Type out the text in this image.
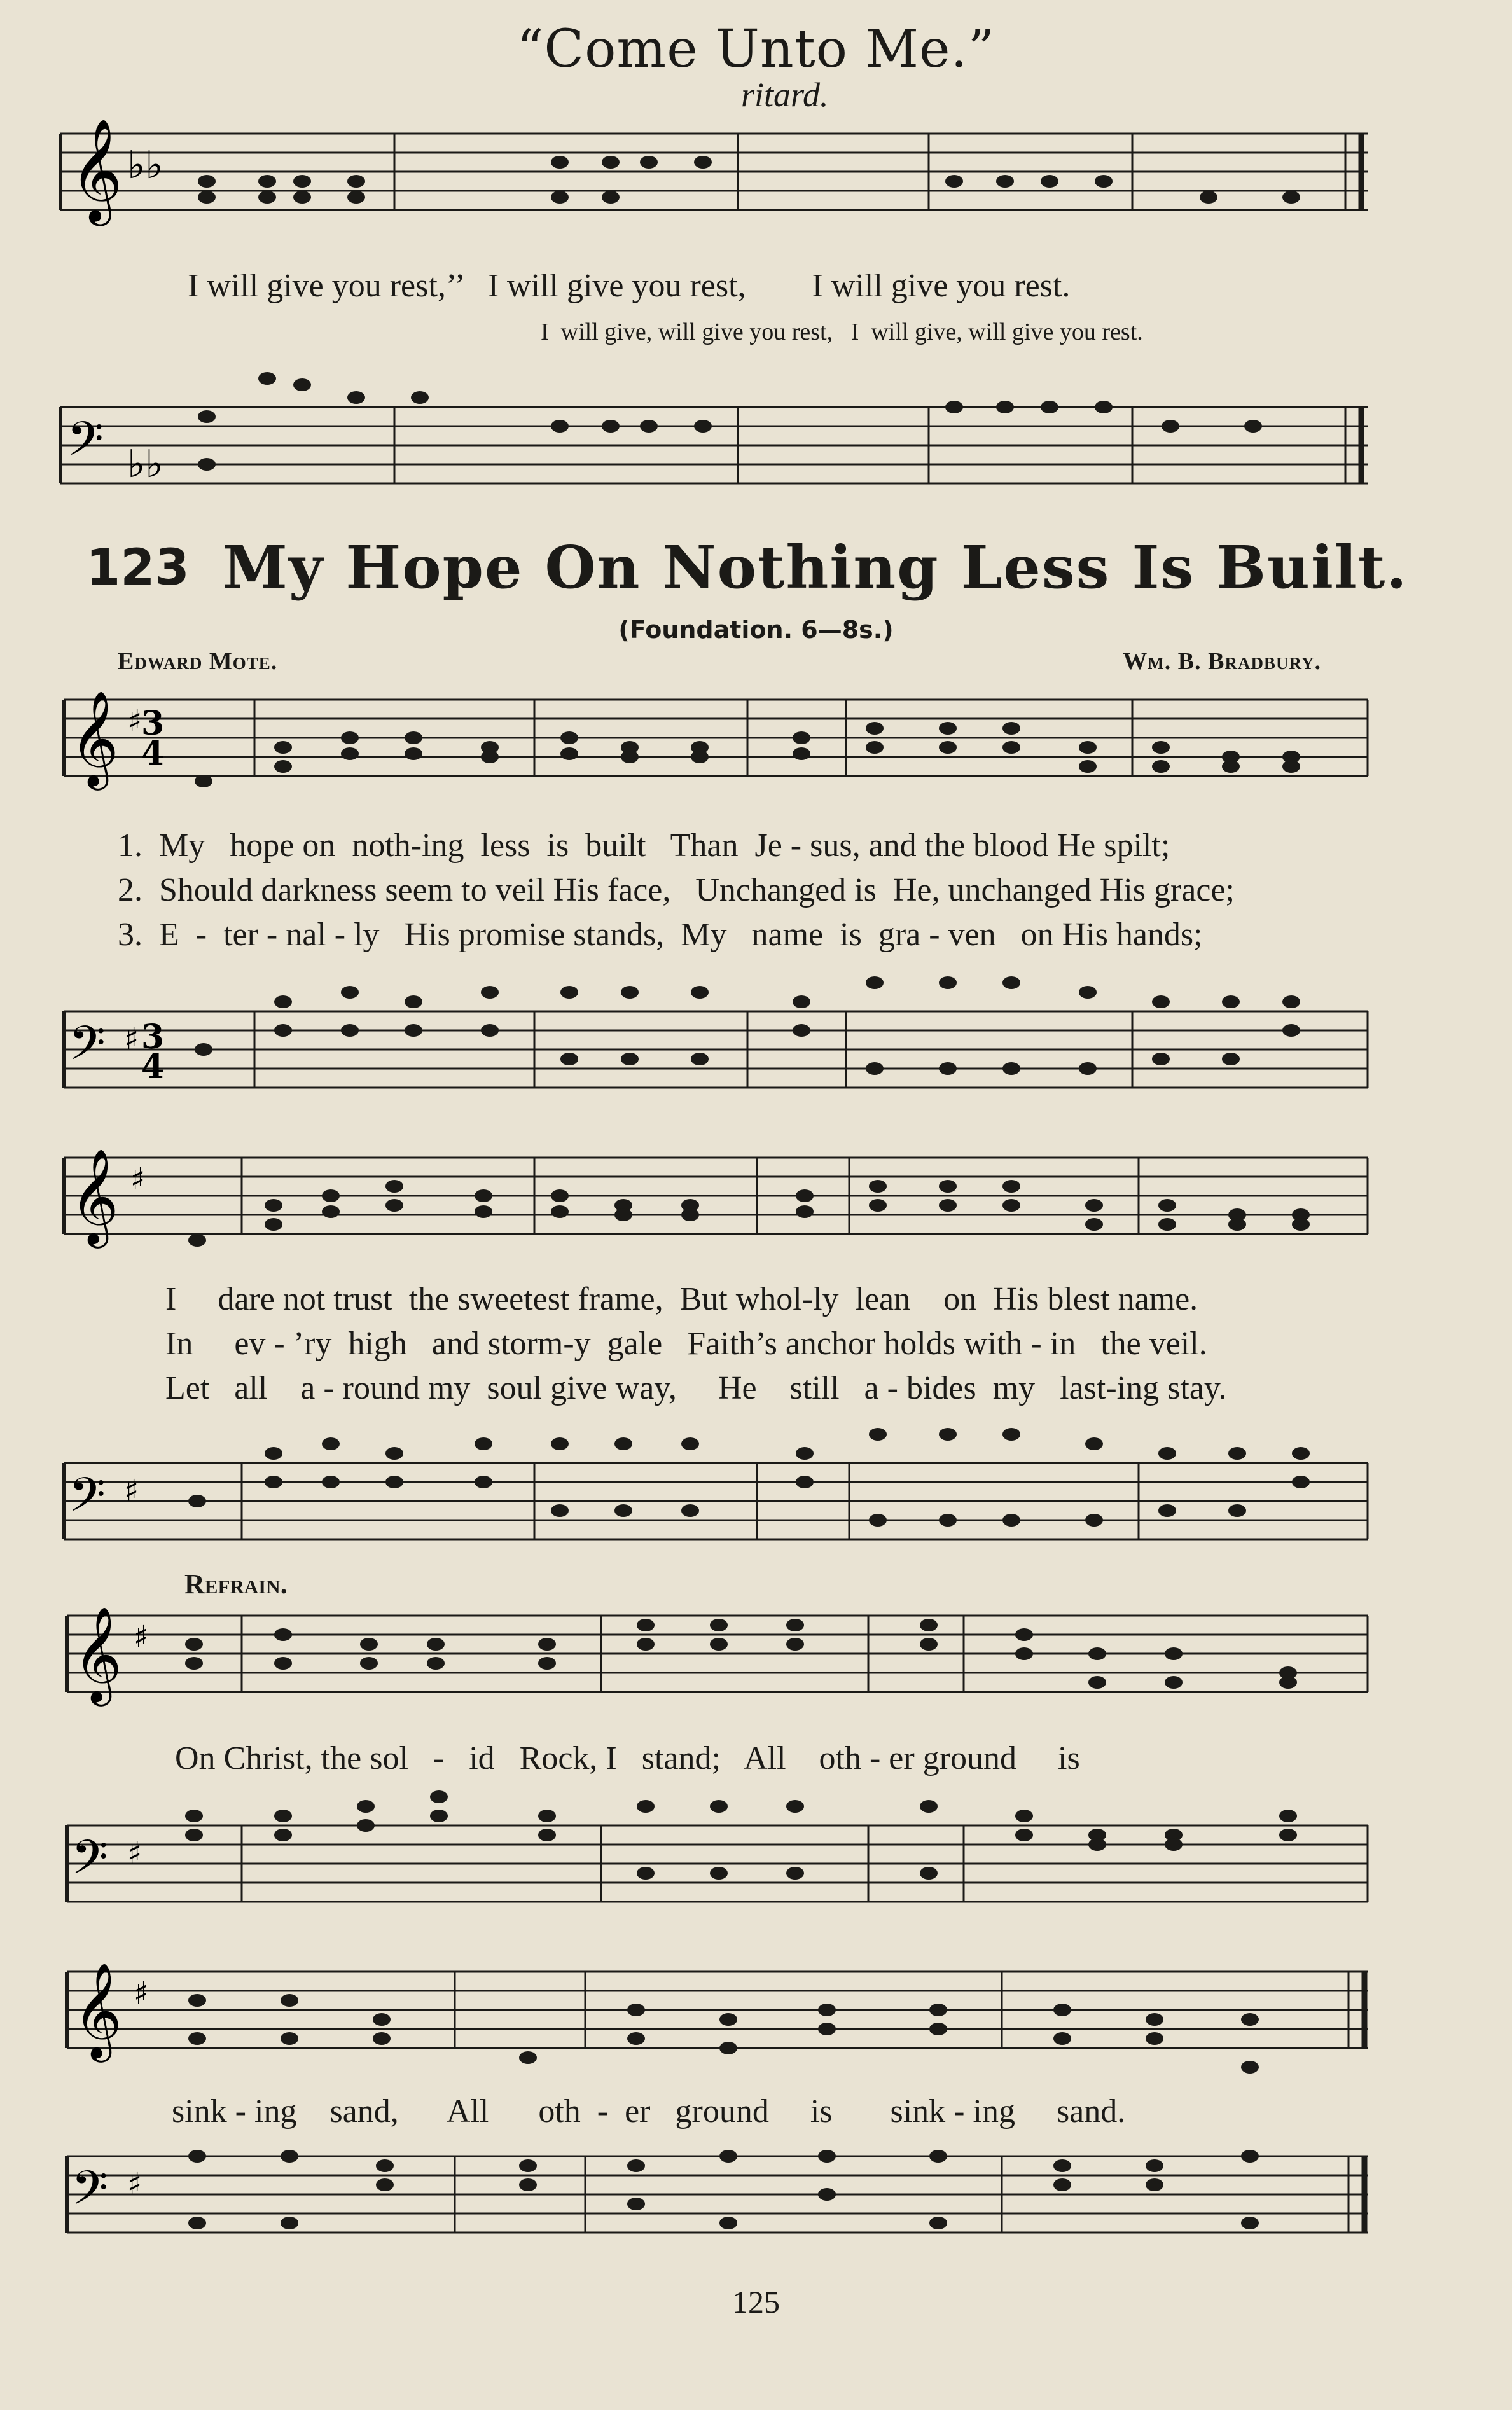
“Come Unto Me.”
ritard.
𝄞 ♭♭
I will give you rest,’’   I will give you rest,        I will give you rest.
I  will give, will give you rest,   I  will give, will give you rest.
𝄢 ♭♭
123 My Hope On Nothing Less Is Built.
(Foundation. 6—8s.)
Edward Mote.	Wm. B. Bradbury.
𝄞 ♯
3
4
1.  My   hope on  noth-ing  less  is  built   Than  Je - sus, and the blood He spilt;
2.  Should darkness seem to veil His face,   Unchanged is  He, unchanged His grace;
3.  E  -  ter - nal - ly   His promise stands,  My   name  is  gra - ven   on His hands;
𝄢 ♯ 3
4
𝄞 ♯
I     dare not trust  the sweetest frame,  But whol-ly  lean    on  His blest name.
In     ev - ’ry  high   and storm-y  gale   Faith’s anchor holds with - in   the veil.
Let   all    a - round my  soul give way,     He    still   a - bides  my   last-ing stay.
𝄢 ♯
Refrain.
𝄞 ♯
On Christ, the sol   -   id   Rock, I   stand;   All    oth - er ground     is
𝄢 ♯
𝄞 ♯
sink - ing    sand,      All      oth  -  er   ground     is       sink - ing     sand.
𝄢 ♯
125
